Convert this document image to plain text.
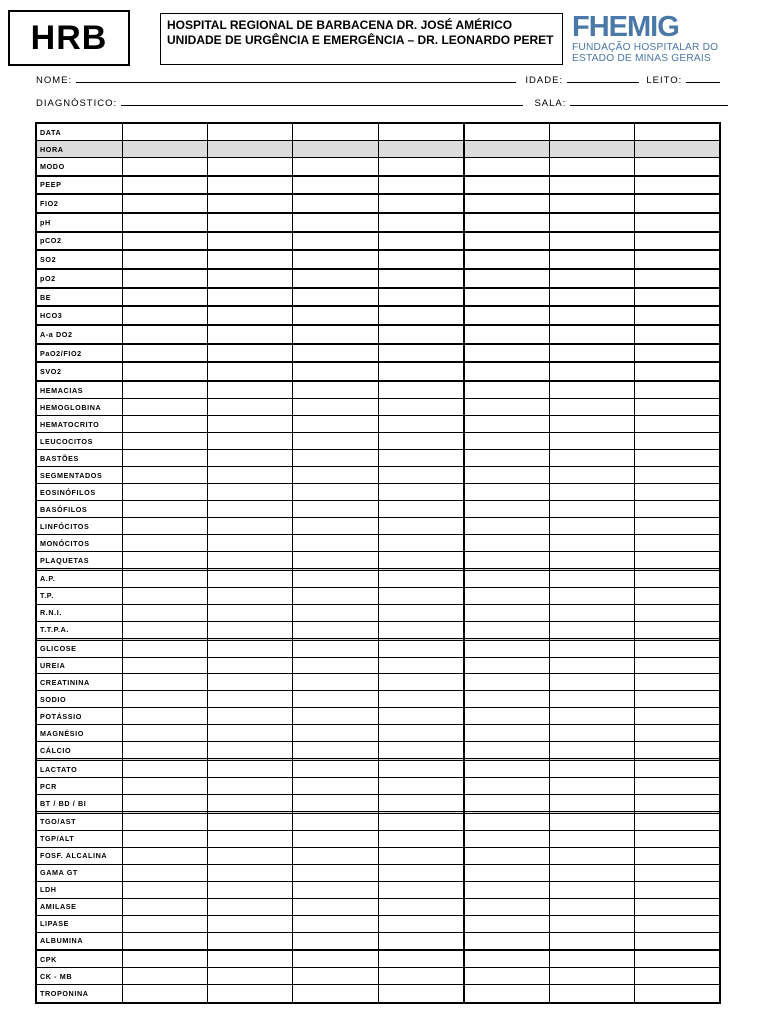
HRB	HOSPITAL REGIONAL DE BARBACENA DR. JOSÉ AMÉRICO
UNIDADE DE URGÊNCIA E EMERGÊNCIA – DR. LEONARDO PERET FHEMIG
FUNDAÇÃO HOSPITALAR DO
ESTADO DE MINAS GERAIS
NOME:	IDADE:	LEITO:
DIAGNÓSTICO:	SALA:
DATA							
HORA							
MODO							
PEEP							
FIO2							
pH							
pCO2							
SO2							
pO2							
BE							
HCO3							
A-a DO2							
PaO2/FIO2							
SVO2							

HEMACIAS							
HEMOGLOBINA							
HEMATOCRITO							
LEUCOCITOS							
BASTÕES							
SEGMENTADOS							
EOSINÓFILOS							
BASÓFILOS							
LINFÓCITOS							
MONÓCITOS							
PLAQUETAS							

A.P.							
T.P.							
R.N.I.							
T.T.P.A.							

GLICOSE							
UREIA							
CREATININA							
SODIO							
POTÁSSIO							
MAGNÉSIO							
CÁLCIO							

LACTATO							
PCR							
BT / BD / BI							

TGO/AST							
TGP/ALT							
FOSF. ALCALINA							
GAMA GT							
LDH							
AMILASE							
LIPASE							
ALBUMINA							

CPK							
CK - MB							
TROPONINA							
